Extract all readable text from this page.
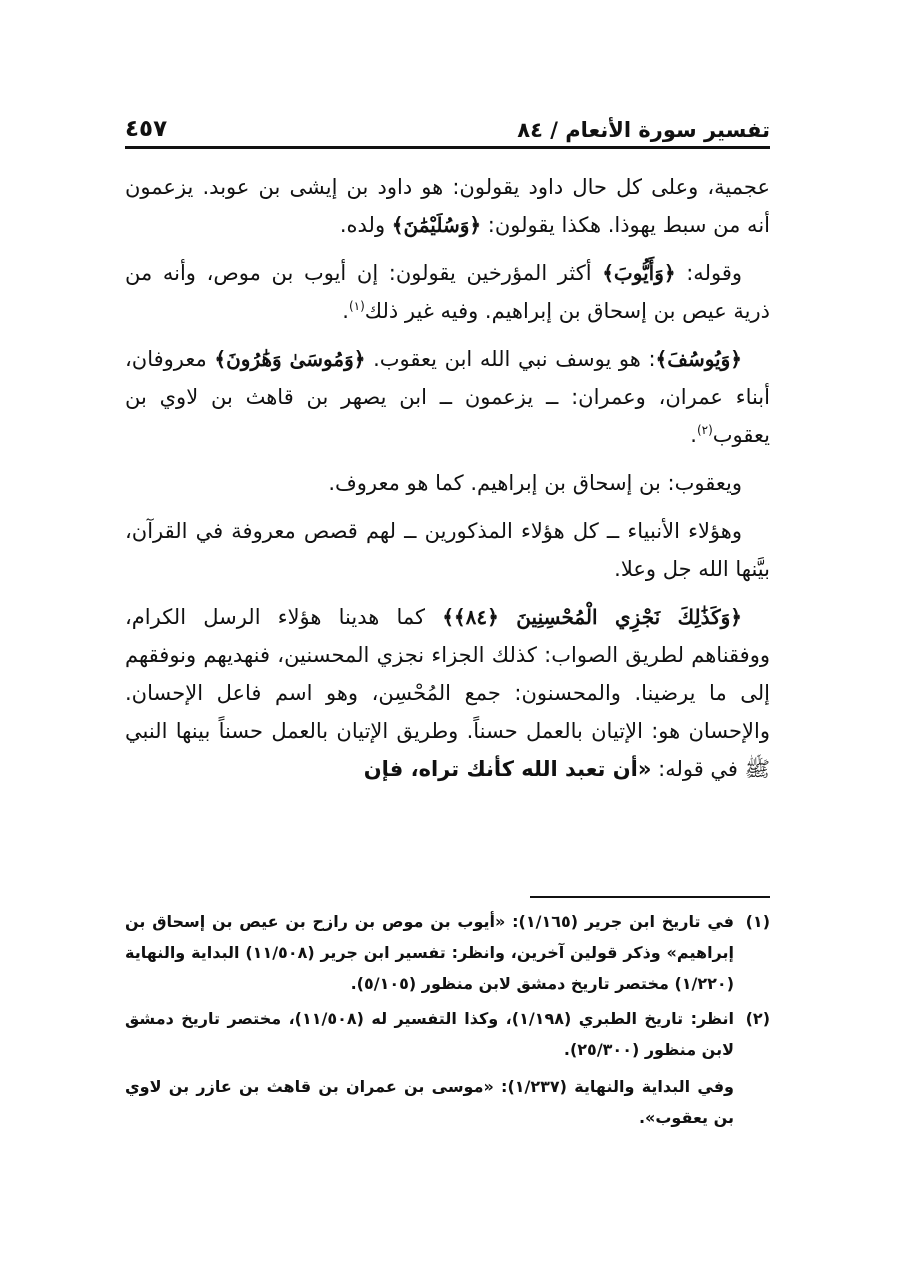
تفسير سورة الأنعام / ٨٤
٤٥٧

عجمية، وعلى كل حال داود يقولون: هو داود بن إيشى بن عوبد. يزعمون أنه من سبط يهوذا. هكذا يقولون: ﴿وَسُلَيْمَٰنَ﴾ ولده.

وقوله: ﴿وَأَيُّوبَ﴾ أكثر المؤرخين يقولون: إن أيوب بن موص، وأنه من ذرية عيص بن إسحاق بن إبراهيم. وفيه غير ذلك$^{(١)}$.

﴿وَيُوسُفَ﴾: هو يوسف نبي الله ابن يعقوب. ﴿وَمُوسَىٰ وَهَٰرُونَ﴾ معروفان، أبناء عمران، وعمران: ــ يزعمون ــ ابن يصهر بن قاهث بن لاوي بن يعقوب$^{(٢)}$.

ويعقوب: بن إسحاق بن إبراهيم. كما هو معروف.

وهؤلاء الأنبياء ــ كل هؤلاء المذكورين ــ لهم قصص معروفة في القرآن، بيَّنها الله جل وعلا.

﴿وَكَذَٰلِكَ نَجْزِي الْمُحْسِنِينَ ﴿٨٤﴾﴾ كما هدينا هؤلاء الرسل الكرام، ووفقناهم لطريق الصواب: كذلك الجزاء نجزي المحسنين، فنهديهم ونوفقهم إلى ما يرضينا. والمحسنون: جمع المُحْسِن، وهو اسم فاعل الإحسان. والإحسان هو: الإتيان بالعمل حسناً. وطريق الإتيان بالعمل حسناً بينها النبي ﷺ في قوله: «أن تعبد الله كأنك تراه، فإن

(١)
في تاريخ ابن جرير (١/١٦٥): «أيوب بن موص بن رازح بن عيص بن إسحاق بن إبراهيم» وذكر قولين آخرين، وانظر: تفسير ابن جرير (١١/٥٠٨) البداية والنهاية (١/٢٢٠) مختصر تاريخ دمشق لابن منظور (٥/١٠٥).
(٢)
انظر: تاريخ الطبري (١/١٩٨)، وكذا التفسير له (١١/٥٠٨)، مختصر تاريخ دمشق لابن منظور (٢٥/٣٠٠).
وفي البداية والنهاية (١/٢٣٧): «موسى بن عمران بن قاهث بن عازر بن لاوي بن يعقوب».
